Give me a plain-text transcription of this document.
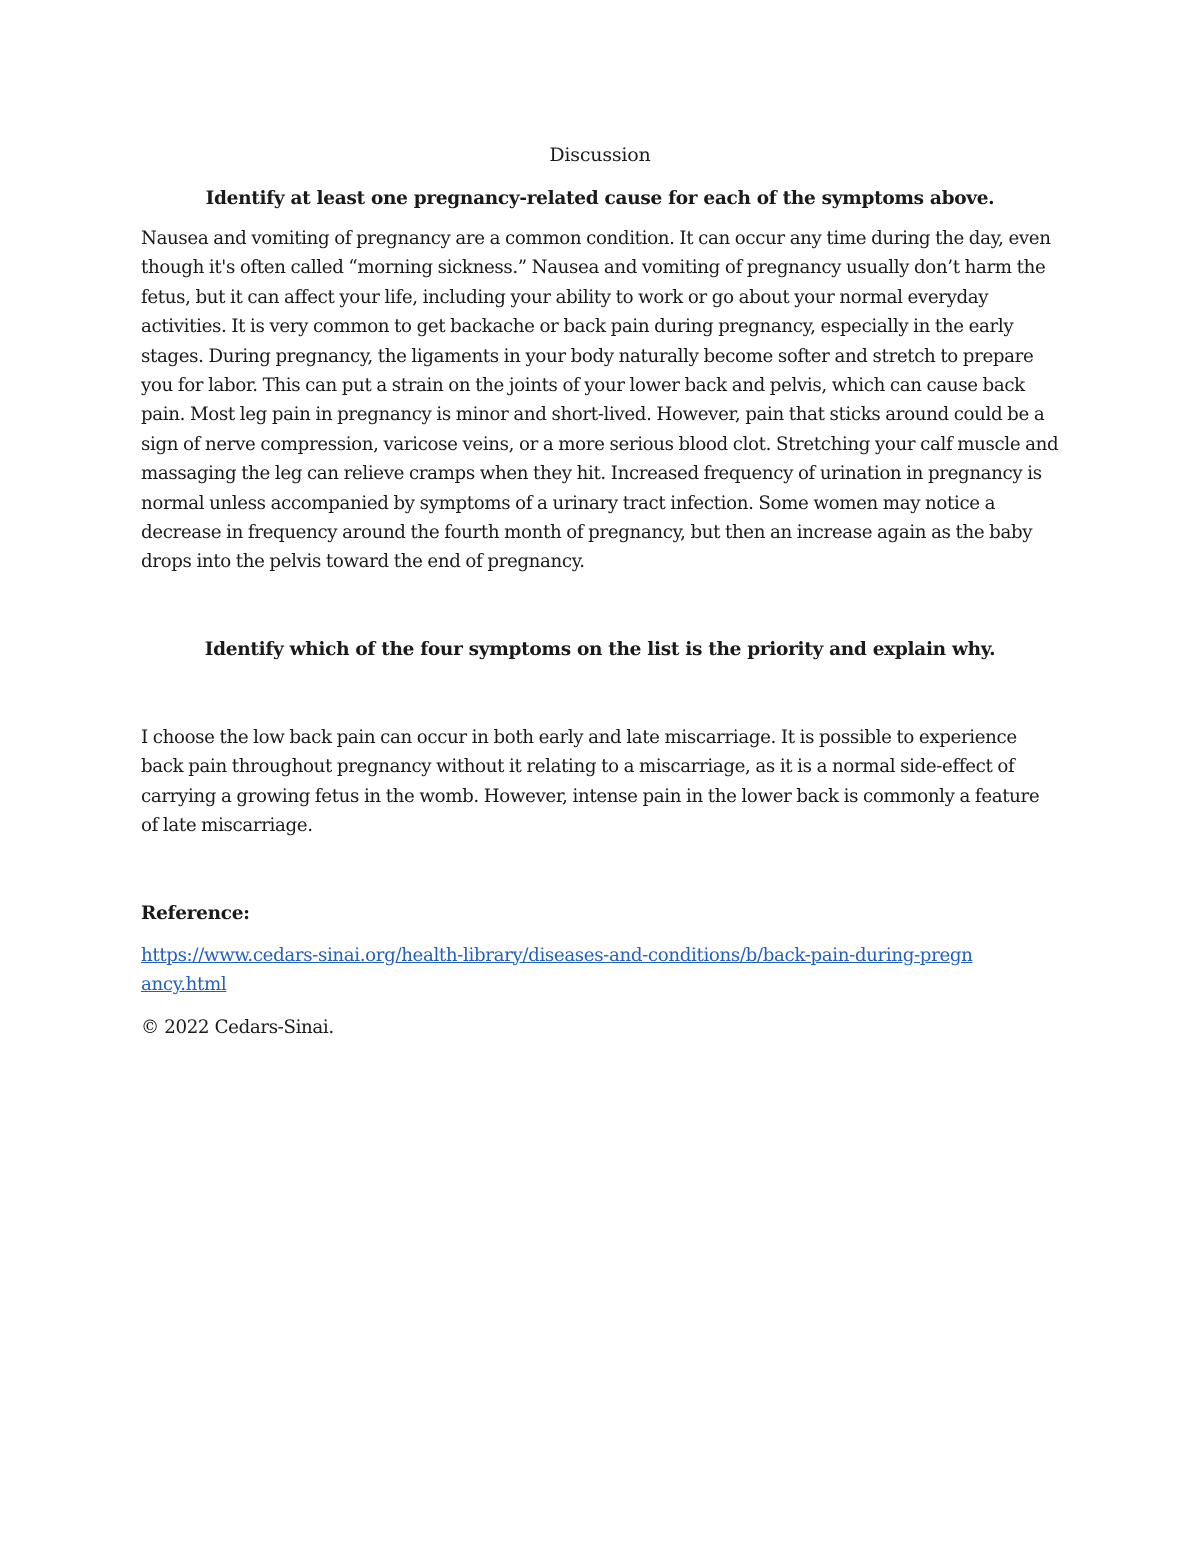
Discussion
Identify at least one pregnancy-related cause for each of the symptoms above.

Nausea and vomiting of pregnancy are a common condition. It can occur any time during the day, even though it's often called “morning sickness.” Nausea and vomiting of pregnancy usually don’t harm the fetus, but it can affect your life, including your ability to work or go about your normal everyday activities. It is very common to get backache or back pain during pregnancy, especially in the early stages. During pregnancy, the ligaments in your body naturally become softer and stretch to prepare you for labor. This can put a strain on the joints of your lower back and pelvis, which can cause back pain. Most leg pain in pregnancy is minor and short-lived. However, pain that sticks around could be a sign of nerve compression, varicose veins, or a more serious blood clot. Stretching your calf muscle and massaging the leg can relieve cramps when they hit. Increased frequency of urination in pregnancy is normal unless accompanied by symptoms of a urinary tract infection. Some women may notice a decrease in frequency around the fourth month of pregnancy, but then an increase again as the baby drops into the pelvis toward the end of pregnancy.

Identify which of the four symptoms on the list is the priority and explain why.

I choose the low back pain can occur in both early and late miscarriage. It is possible to experience back pain throughout pregnancy without it relating to a miscarriage, as it is a normal side-effect of carrying a growing fetus in the womb. However, intense pain in the lower back is commonly a feature of late miscarriage.

Reference:
https://www.cedars-sinai.org/health-library/diseases-and-conditions/b/back-pain-during-pregnancy.html

© 2022 Cedars-Sinai.
